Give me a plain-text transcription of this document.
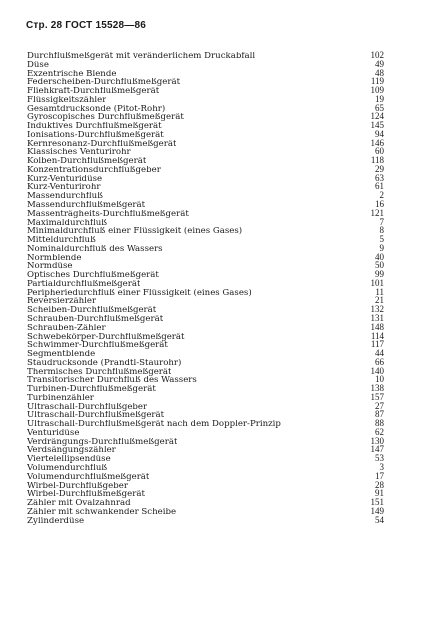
Стр. 28 ГОСТ 15528—86
Durchflußmeßgerät mit veränderlichem Druckabfall	102
Düse	49
Exzentrische Blende	48
Federscheiben-Durchflußmeßgerät	119
Fliehkraft-Durchflußmeßgerät	109
Flüssigkeitszähler	19
Gesamtdrucksonde (Pitot-Rohr)	65
Gyroscopisches Durchflußmeßgerät	124
Induktives Durchflußmeßgerät	145
Ionisations-Durchflußmeßgerät	94
Kernresonanz-Durchflußmeßgerät	146
Klassisches Venturirohr	60
Kolben-Durchflußmeßgerät	118
Konzentrationsdurchflußgeber	29
Kurz-Venturidüse	63
Kurz-Venturirohr	61
Massendurchfluß	2
Massendurchflußmeßgerät	16
Massenträgheits-Durchflußmeßgerät	121
Maximaldurchfluß	7
Minimaldurchfluß einer Flüssigkeit (eines Gases)	8
Mitteldurchfluß	5
Nominaldurchfluß des Wassers	9
Normblende	40
Normdüse	50
Optisches Durchflußmeßgerät	99
Partialdurchflußmeßgerät	101
Peripheriedurchfluß einer Flüssigkeit (eines Gases)	11
Reversierzähler	21
Scheiben-Durchflußmeßgerät	132
Schrauben-Durchflußmeßgerät	131
Schrauben-Zähler	148
Schwebekörper-Durchflußmeßgerät	114
Schwimmer-Durchflußmeßgerät	117
Segmentblende	44
Staudrucksonde (Prandtl-Staurohr)	66
Thermisches Durchflußmeßgerät	140
Transitorischer Durchfluß des Wassers	10
Turbinen-Durchflußmeßgerät	138
Turbinenzähler	157
Ultraschall-Durchflußgeber	27
Ultraschall-Durchflußmeßgerät	87
Ultraschall-Durchflußmeßgerät nach dem Doppler-Prinzip	88
Venturidüse	62
Verdrängungs-Durchflußmeßgerät	130
Verdsängungszähler	147
Viertelellipsendüse	53
Volumendurchfluß	3
Volumendurchflußmeßgerät	17
Wirbel-Durchflußgeber	28
Wirbel-Durchflußmeßgerät	91
Zähler mit Ovalzahnrad	151
Zähler mit schwankender Scheibe	149
Zylinderdüse	54
